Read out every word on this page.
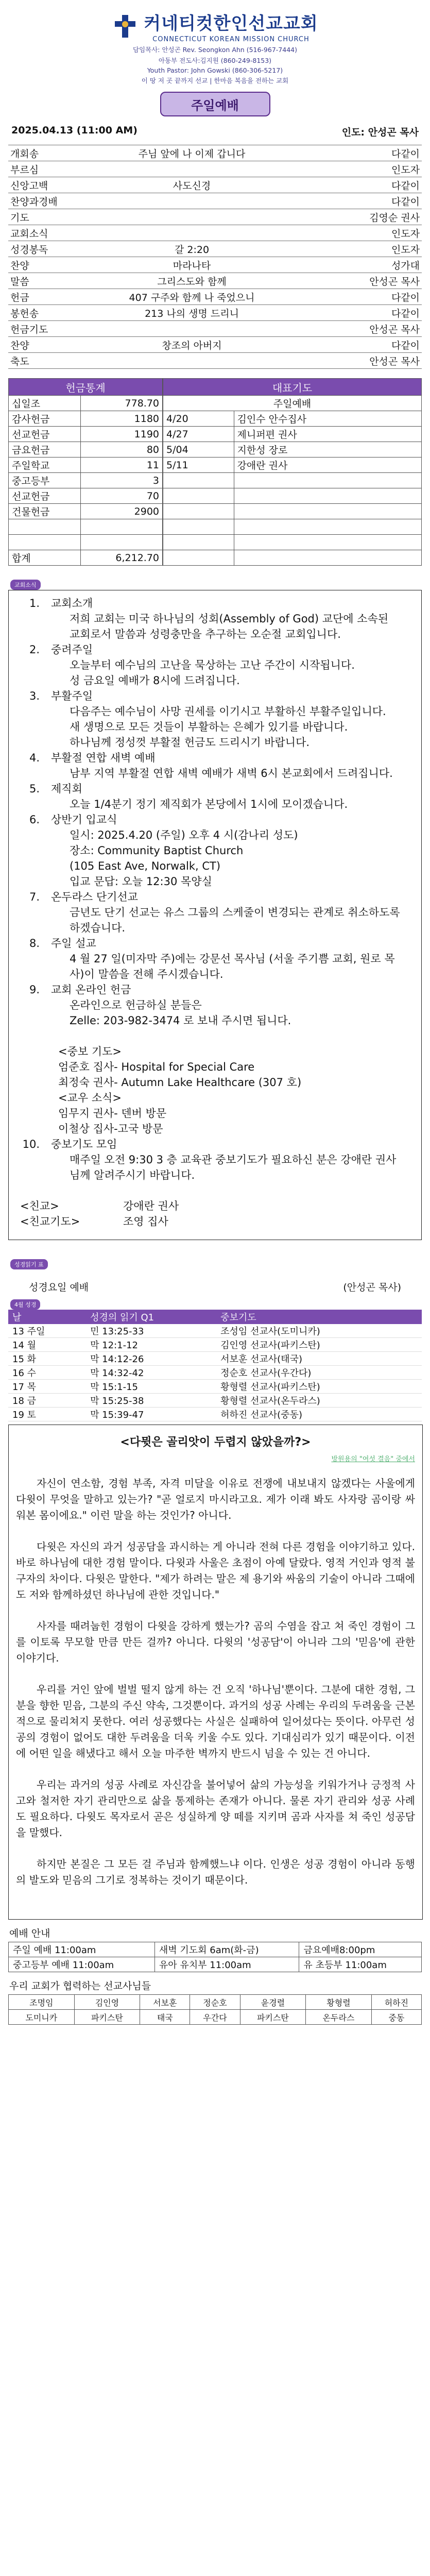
커네티컷한인선교교회
CONNECTICUT KOREAN MISSION CHURCH
담임목사: 안성곤 Rev. Seongkon Ahn (516-967-7444)
아동부 전도사:김지원 (860-249-8153)
Youth Pastor: John Gowski (860-306-5217)
이 땅 저 곳 끝까지 선교 | 한마음 복음을 전하는 교회
주일예배
2025.04.13 (11:00 AM)	인도: 안성곤 목사
개회송	주님 앞에 나 이제 갑니다	다같이
부르심		인도자
신앙고백	사도신경	다같이
찬양과경배		다같이
기도		김영순 권사
교회소식		인도자
성경봉독	갈 2:20	인도자
찬양	마라나타	성가대
말씀	그리스도와 함께	안성곤 목사
헌금	407 구주와 함께 나 죽었으니	다같이
봉헌송	213 나의 생명 드리니	다같이
헌금기도		안성곤 목사
찬양	창조의 아버지	다같이
축도		안성곤 목사
헌금통계	
십일조	778.70
감사헌금	1180
선교헌금	1190
금요헌금	80
주일학교	11
중고등부	3
선교헌금	70
건물헌금	2900

합계	6,212.70
대표기도	
주일예배	
4/20	김인수 안수집사
4/27	제니퍼편 권사
5/04	지한성 장로
5/11	강애란 권사

교회소식
1.	교회소개
저희 교회는 미국 하나님의 성회(Assembly of God) 교단에 소속된 교회로서 말씀과 성령충만을 추구하는 오순절 교회입니다.
2.	중려주일
오늘부터 예수님의 고난을 묵상하는 고난 주간이 시작됩니다.
성 금요일 예배가 8시에 드려집니다.
3.	부활주일
다음주는 예수님이 사망 권세를 이기시고 부활하신 부활주일입니다.
새 생명으로 모든 것들이 부활하는 은혜가 있기를 바랍니다.
하나님께 정성껏 부활절 헌금도 드리시기 바랍니다.
4.	부활절 연합 새벽 예배
남부 지역 부활절 연합 새벽 예배가 새벽 6시 본교회에서 드려집니다.
5.	제직회
오늘 1/4분기 정기 제직회가 본당에서 1시에 모이겠습니다.
6.	상반기 입교식
일시: 2025.4.20 (주일) 오후 4 시(감나리 성도)
장소: Community Baptist Church
(105 East Ave, Norwalk, CT)
입교 문답: 오늘 12:30 목양실
7.	온두라스 단기선교
금년도 단기 선교는 유스 그룹의 스케줄이 변경되는 관계로 취소하도록 하겠습니다.
8.	주일 설교
4 월 27 일(미자막 주)에는 강문선 목사님 (서울 주기쁨 교회, 원로 목사)이 말씀을 전해 주시겠습니다.
9.	교회 온라인 헌금
온라인으로 헌금하실 분들은
Zelle: 203-982-3474 로 보내 주시면 됩니다.
<중보 기도>
엄준호 집사- Hospital for Special Care
최정숙 권사- Autumn Lake Healthcare (307 호)
<교우 소식>
임무지 권사- 덴버 방문
이철상 집사-고국 방문
10.	중보기도 모임
매주일 오전 9:30 3 층 교육관 중보기도가 필요하신 분은 강애란 권사님께 알려주시기 바랍니다.
<친교>	강애란 권사
<친교기도>	조영 집사
성경읽기 표
성경요일 예배	(안성곤 목사)
4월 성경
날	성경의 읽기 Q1	중보기도
13 주일	민 13:25-33	조성임 선교사(도미니카)
14 월	막 12:1-12	김인영 선교사(파키스탄)
15 화	막 14:12-26	서보훈 선교사(태국)
16 수	막 14:32-42	정순호 선교사(우간다)
17 목	막 15:1-15	황형렬 선교사(파키스탄)
18 금	막 15:25-38	황형렬 선교사(온두라스)
19 토	막 15:39-47	허하진 선교사(중동)
<다뮛은 골리앗이 두렵지 않았을까?>
방원용의 "여섯 결음" 중에서

자신이 연소함, 경험 부족, 자격 미달을 이유로 전쟁에 내보내지 않겠다는 사울에게 다윗이 무엇을 말하고 있는가? "곧 얼로지 마시라고요. 제가 이래 봐도 사자랑 곰이랑 싸워본 몸이에요." 이런 말을 하는 것인가? 아니다.

다윗은 자신의 과거 성공담을 과시하는 게 아니라 전혀 다른 경험을 이야기하고 있다. 바로 하나님에 대한 경험 말이다. 다윗과 사울은 초점이 아예 달랐다. 영적 거인과 영적 불구자의 차이다. 다윗은 말한다. "제가 하려는 말은 제 용기와 싸움의 기술이 아니라 그때에도 저와 함께하셨던 하나님에 관한 것입니다."

사자를 때려눕힌 경험이 다윗을 강하게 했는가? 곰의 수염을 잡고 쳐 죽인 경험이 그를 이토록 무모할 만큼 만든 걸까? 아니다. 다윗의 '성공담'이 아니라 그의 '믿음'에 관한 이야기다.

우리를 거인 앞에 벌벌 떨지 않게 하는 건 오직 '하나님'뿐이다. 그분에 대한 경험, 그분을 향한 믿음, 그분의 주신 약속, 그것뿐이다. 과거의 성공 사례는 우리의 두려움을 근본적으로 물리쳐지 못한다. 여러 성공했다는 사실은 실패하여 일어섰다는 뜻이다. 아무런 성공의 경험이 없어도 대한 두려움을 더욱 키울 수도 있다. 기대심리가 있기 때문이다. 이전에 어떤 일을 해냈다고 해서 오늘 마주한 벽까지 반드시 넘을 수 있는 건 아니다.

우리는 과거의 성공 사례로 자신감을 불어넣어 삶의 가능성을 키워가거나 긍정적 사고와 철저한 자기 관리만으로 삶을 통제하는 존재가 아니다. 물론 자기 관리와 성공 사례도 필요하다. 다윗도 목자로서 곧은 성실하게 양 떼를 지키며 곰과 사자를 쳐 죽인 성공담을 말했다.

하지만 본질은 그 모든 걸 주님과 함께했느냐 이다. 인생은 성공 경험이 아니라 동행의 발도와 믿음의 그기로 정복하는 것이기 때문이다.

예배 안내
주일 예배 11:00am	새벽 기도회 6am(화-금)	금요예배8:00pm
중고등부 예배 11:00am	유아 유치부 11:00am	유 초등부 11:00am
우리 교회가 협력하는 선교사님들
조명임	김인영	서보훈	정순호	윤경렬	황형렬	허하진
도미니카	파키스탄	태국	우간다	파키스탄	온두라스	중동
